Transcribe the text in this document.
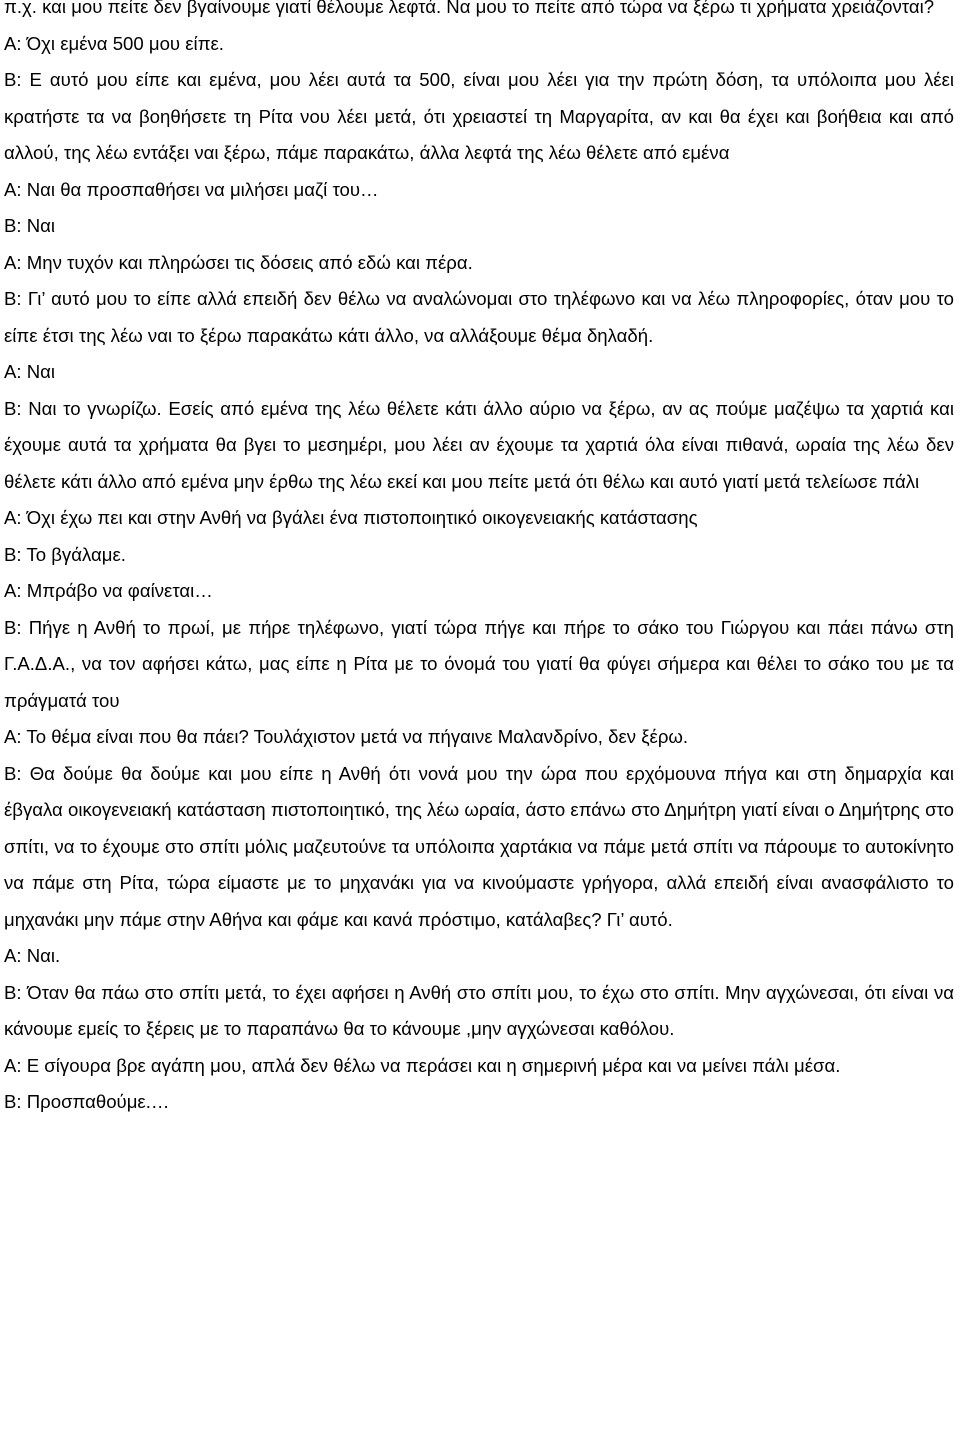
π.χ. και μου πείτε δεν βγαίνουμε γιατί θέλουμε λεφτά. Να μου το πείτε από τώρα να ξέρω τι χρήματα χρειάζονται?

Α: Όχι εμένα 500 μου είπε.

Β: Ε αυτό μου είπε και εμένα, μου λέει αυτά τα 500, είναι μου λέει για την πρώτη δόση, τα υπόλοιπα μου λέει κρατήστε τα να βοηθήσετε τη Ρίτα νου λέει μετά, ότι χρειαστεί τη Μαργαρίτα, αν και θα έχει και βοήθεια και από αλλού, της λέω εντάξει ναι ξέρω, πάμε παρακάτω, άλλα λεφτά της λέω θέλετε από εμένα

Α: Ναι θα προσπαθήσει να μιλήσει μαζί του…

Β: Ναι

Α: Μην τυχόν και πληρώσει τις δόσεις από εδώ και πέρα.

Β: Γι’ αυτό μου το είπε αλλά επειδή δεν θέλω να αναλώνομαι στο τηλέφωνο και να λέω πληροφορίες, όταν μου το είπε έτσι της λέω ναι το ξέρω παρακάτω κάτι άλλο, να αλλάξουμε θέμα δηλαδή.

Α: Ναι

Β: Ναι το γνωρίζω. Εσείς από εμένα της λέω θέλετε κάτι άλλο αύριο να ξέρω, αν ας πούμε μαζέψω τα χαρτιά και έχουμε αυτά τα χρήματα θα βγει το μεσημέρι, μου λέει αν έχουμε τα χαρτιά όλα είναι πιθανά, ωραία της λέω δεν θέλετε κάτι άλλο από εμένα μην έρθω της λέω εκεί και μου πείτε μετά ότι θέλω και αυτό γιατί μετά τελείωσε πάλι

Α: Όχι έχω πει και στην Ανθή να βγάλει ένα πιστοποιητικό οικογενειακής κατάστασης

Β: Το βγάλαμε.

Α: Μπράβο να φαίνεται…

Β: Πήγε η Ανθή το πρωί, με πήρε τηλέφωνο, γιατί τώρα πήγε και πήρε το σάκο του Γιώργου και πάει πάνω στη Γ.Α.Δ.Α., να τον αφήσει κάτω, μας είπε η Ρίτα με το όνομά του γιατί θα φύγει σήμερα και θέλει το σάκο του με τα πράγματά του

Α: Το θέμα είναι που θα πάει? Τουλάχιστον μετά να πήγαινε Μαλανδρίνο, δεν ξέρω.

Β: Θα δούμε θα δούμε και μου είπε η Ανθή ότι νονά μου την ώρα που ερχόμουνα πήγα και στη δημαρχία και έβγαλα οικογενειακή κατάσταση πιστοποιητικό, της λέω ωραία, άστο επάνω στο Δημήτρη γιατί είναι ο Δημήτρης στο σπίτι, να το έχουμε στο σπίτι μόλις μαζευτούνε τα υπόλοιπα χαρτάκια να πάμε μετά σπίτι να πάρουμε το αυτοκίνητο να πάμε στη Ρίτα, τώρα είμαστε με το μηχανάκι για να κινούμαστε γρήγορα, αλλά επειδή είναι ανασφάλιστο το μηχανάκι μην πάμε στην Αθήνα και φάμε και κανά πρόστιμο, κατάλαβες? Γι’ αυτό.

Α: Ναι.

Β: Όταν θα πάω στο σπίτι μετά, το έχει αφήσει η Ανθή στο σπίτι μου, το έχω στο σπίτι. Μην αγχώνεσαι, ότι είναι να κάνουμε εμείς το ξέρεις με το παραπάνω θα το κάνουμε ,μην αγχώνεσαι καθόλου.

Α: Ε σίγουρα βρε αγάπη μου, απλά δεν θέλω να περάσει και η σημερινή μέρα και να μείνει πάλι μέσα.

Β: Προσπαθούμε.…
